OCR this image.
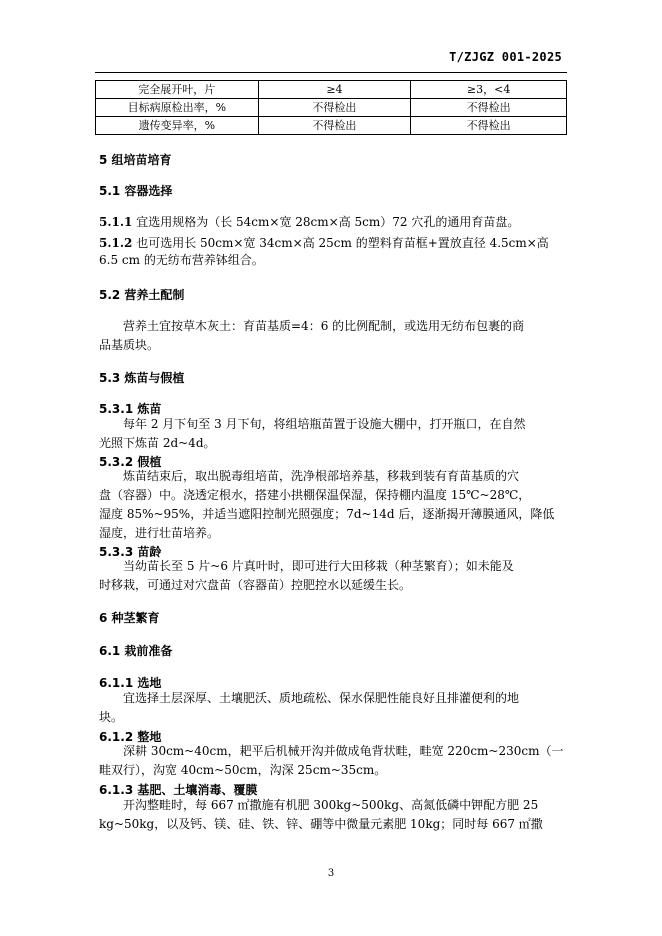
T/ZJGZ 001-2025
完全展开叶，片	≥4	≥3，<4
目标病原检出率，%	不得检出	不得检出
遗传变异率，%	不得检出	不得检出
5 组培苗培育
5.1 容器选择
5.1.1 宜选用规格为（长 54cm×宽 28cm×高 5cm）72 穴孔的通用育苗盘。
5.1.2 也可选用长 50cm×宽 34cm×高 25cm 的塑料育苗框+置放直径 4.5cm×高
6.5 cm 的无纺布营养钵组合。
5.2 营养土配制
营养土宜按草木灰土：育苗基质=4：6 的比例配制，或选用无纺布包裹的商
品基质块。
5.3 炼苗与假植
5.3.1 炼苗
每年 2 月下旬至 3 月下旬，将组培瓶苗置于设施大棚中，打开瓶口，在自然
光照下炼苗 2d~4d。
5.3.2 假植
炼苗结束后，取出脱毒组培苗，洗净根部培养基，移栽到装有育苗基质的穴
盘（容器）中。浇透定根水，搭建小拱棚保温保湿，保持棚内温度 15℃~28℃，
湿度 85%~95%，并适当遮阳控制光照强度；7d~14d 后，逐渐揭开薄膜通风，降低
湿度，进行壮苗培养。
5.3.3 苗龄
当幼苗长至 5 片~6 片真叶时，即可进行大田移栽（种茎繁育）；如未能及
时移栽，可通过对穴盘苗（容器苗）控肥控水以延缓生长。
6 种茎繁育
6.1 栽前准备
6.1.1 选地
宜选择土层深厚、土壤肥沃、质地疏松、保水保肥性能良好且排灌便利的地
块。
6.1.2 整地
深耕 30cm~40cm，耙平后机械开沟并做成龟背状畦，畦宽 220cm~230cm（一
畦双行），沟宽 40cm~50cm，沟深 25cm~35cm。
6.1.3 基肥、土壤消毒、覆膜
开沟整畦时，每 667 ㎡撒施有机肥 300kg~500kg、高氮低磷中钾配方肥 25
kg~50kg，以及钙、镁、硅、铁、锌、硼等中微量元素肥 10kg；同时每 667 ㎡撒
3
